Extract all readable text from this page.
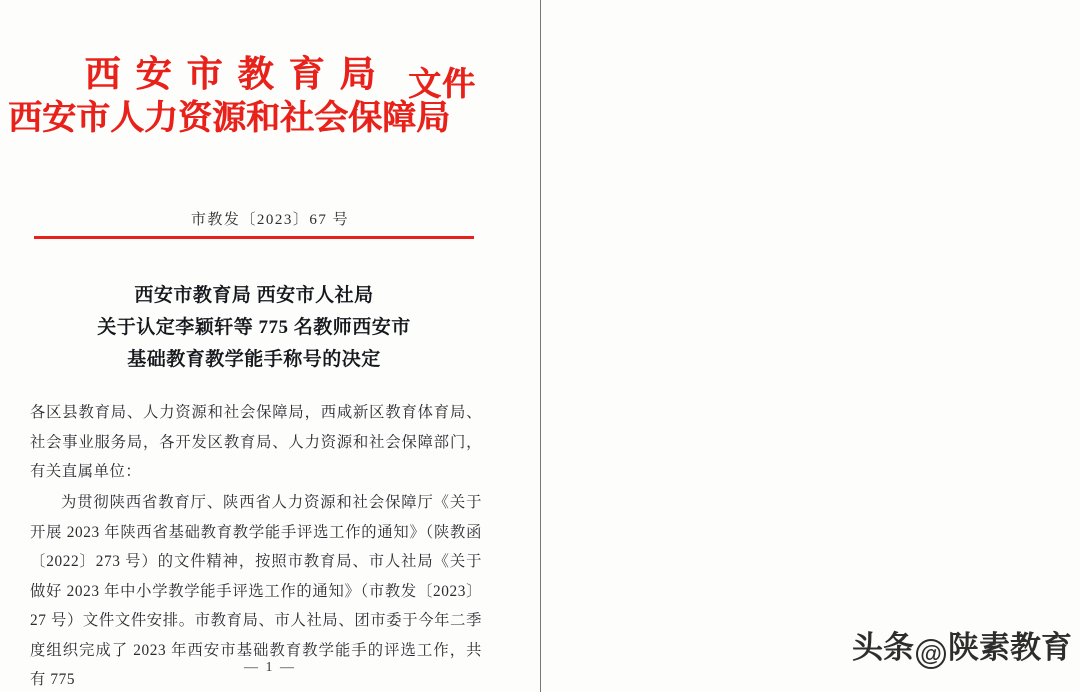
西安市教育局
西安市人力资源和社会保障局
文件
市教发〔2023〕67 号
西安市教育局 西安市人社局
关于认定李颖轩等 775 名教师西安市
基础教育教学能手称号的决定
各区县教育局、人力资源和社会保障局，西咸新区教育体育局、社会事业服务局，各开发区教育局、人力资源和社会保障部门，有关直属单位：
为贯彻陕西省教育厅、陕西省人力资源和社会保障厅《关于开展 2023 年陕西省基础教育教学能手评选工作的通知》（陕教函〔2022〕273 号）的文件精神，按照市教育局、市人社局《关于做好 2023 年中小学教学能手评选工作的通知》（市教发〔2023〕27 号）文件文件安排。市教育局、市人社局、团市委于今年二季度组织完成了 2023 年西安市基础教育教学能手的评选工作，共有 775
— 1 —
头条 @ 陕素教育
